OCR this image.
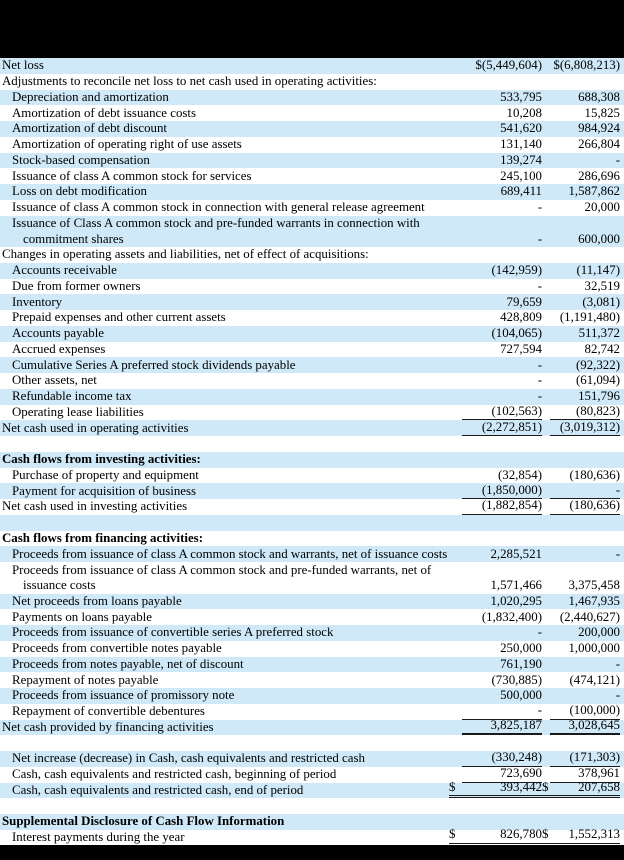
Net loss	$(5,449,604) $(6,808,213)
Adjustments to reconcile net loss to net cash used in operating activities:
Depreciation and amortization	533,795	688,308
Amortization of debt issuance costs	10,208	15,825
Amortization of debt discount	541,620	984,924
Amortization of operating right of use assets	131,140	266,804
Stock-based compensation	139,274	-
Issuance of class A common stock for services	245,100	286,696
Loss on debt modification	689,411	1,587,862
Issuance of class A common stock in connection with general release agreement	-	20,000
Issuance of Class A common stock and pre-funded warrants in connection with
commitment shares	-	600,000
Changes in operating assets and liabilities, net of effect of acquisitions:
Accounts receivable	(142,959)	(11,147)
Due from former owners	-	32,519
Inventory	79,659	(3,081)
Prepaid expenses and other current assets	428,809	(1,191,480)
Accounts payable	(104,065)	511,372
Accrued expenses	727,594	82,742
Cumulative Series A preferred stock dividends payable	-	(92,322)
Other assets, net	-	(61,094)
Refundable income tax	-	151,796
Operating lease liabilities	(102,563)	(80,823)
Net cash used in operating activities	(2,272,851)	(3,019,312)
Cash flows from investing activities:
Purchase of property and equipment	(32,854)	(180,636)
Payment for acquisition of business	(1,850,000)	-
Net cash used in investing activities	(1,882,854)	(180,636)
Cash flows from financing activities:
Proceeds from issuance of class A common stock and warrants, net of issuance costs	2,285,521	-
Proceeds from issuance of class A common stock and pre-funded warrants, net of
issuance costs	1,571,466	3,375,458
Net proceeds from loans payable	1,020,295	1,467,935
Payments on loans payable	(1,832,400)	(2,440,627)
Proceeds from issuance of convertible series A preferred stock	-	200,000
Proceeds from convertible notes payable	250,000	1,000,000
Proceeds from notes payable, net of discount	761,190	-
Repayment of notes payable	(730,885)	(474,121)
Proceeds from issuance of promissory note	500,000	-
Repayment of convertible debentures	-	(100,000)
Net cash provided by financing activities	3,825,187	3,028,645
Net increase (decrease) in Cash, cash equivalents and restricted cash	(330,248)	(171,303)
Cash, cash equivalents and restricted cash, beginning of period	723,690	378,961
Cash, cash equivalents and restricted cash, end of period	$	393,442 $ 207,658
Supplemental Disclosure of Cash Flow Information
Interest payments during the year	$	826,780 $ 1,552,313
